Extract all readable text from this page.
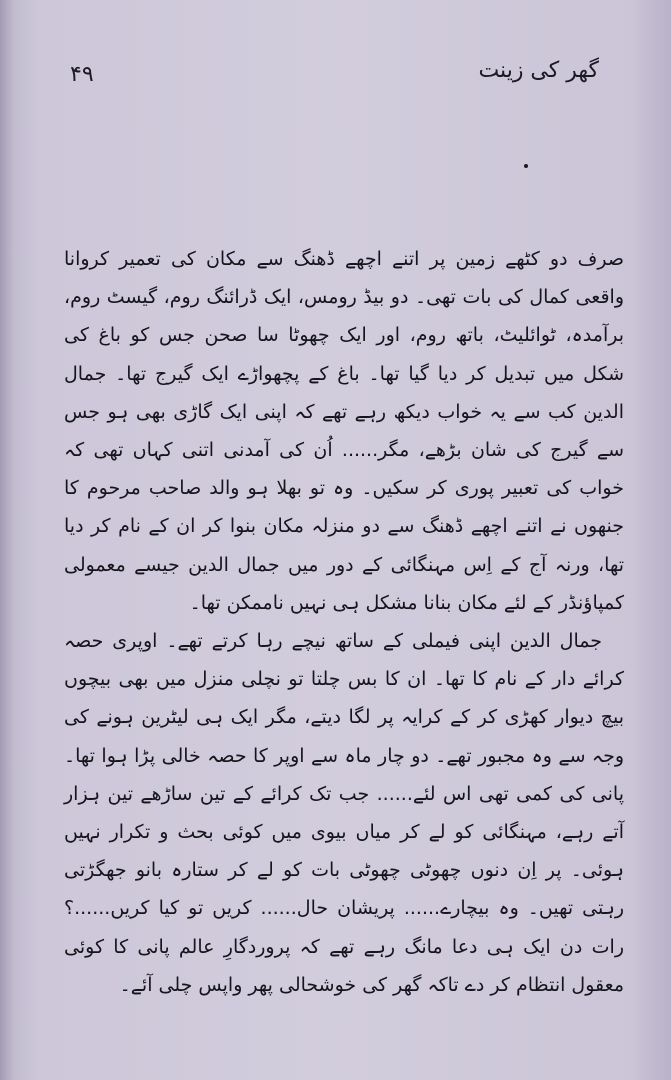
۴۹	گھر کی زینت

صرف دو کٹھے زمین پر اتنے اچھے ڈھنگ سے مکان کی تعمیر کروانا واقعی کمال کی بات تھی۔ دو بیڈ رومس، ایک ڈرائنگ روم، گیسٹ روم، برآمدہ، ٹوائلیٹ، باتھ روم، اور ایک چھوٹا سا صحن جس کو باغ کی شکل میں تبدیل کر دیا گیا تھا۔ باغ کے پچھواڑے ایک گیرج تھا۔ جمال الدین کب سے یہ خواب دیکھ رہے تھے کہ اپنی ایک گاڑی بھی ہو جس سے گیرج کی شان بڑھے، مگر...... اُن کی آمدنی اتنی کہاں تھی کہ خواب کی تعبیر پوری کر سکیں۔ وہ تو بھلا ہو والد صاحب مرحوم کا جنھوں نے اتنے اچھے ڈھنگ سے دو منزلہ مکان بنوا کر ان کے نام کر دیا تھا، ورنہ آج کے اِس مہنگائی کے دور میں جمال الدین جیسے معمولی کمپاؤنڈر کے لئے مکان بنانا مشکل ہی نہیں ناممکن تھا۔

جمال الدین اپنی فیملی کے ساتھ نیچے رہا کرتے تھے۔ اوپری حصہ کرائے دار کے نام کا تھا۔ ان کا بس چلتا تو نچلی منزل میں بھی بیچوں بیچ دیوار کھڑی کر کے کرایہ پر لگا دیتے، مگر ایک ہی لیٹرین ہونے کی وجہ سے وہ مجبور تھے۔ دو چار ماہ سے اوپر کا حصہ خالی پڑا ہوا تھا۔ پانی کی کمی تھی اس لئے...... جب تک کرائے کے تین ساڑھے تین ہزار آتے رہے، مہنگائی کو لے کر میاں بیوی میں کوئی بحث و تکرار نہیں ہوئی۔ پر اِن دنوں چھوٹی چھوٹی بات کو لے کر ستارہ بانو جھگڑتی رہتی تھیں۔ وہ بیچارے...... پریشان حال...... کریں تو کیا کریں......؟ رات دن ایک ہی دعا مانگ رہے تھے کہ پروردگارِ عالم پانی کا کوئی معقول انتظام کر دے تاکہ گھر کی خوشحالی پھر واپس چلی آئے۔
